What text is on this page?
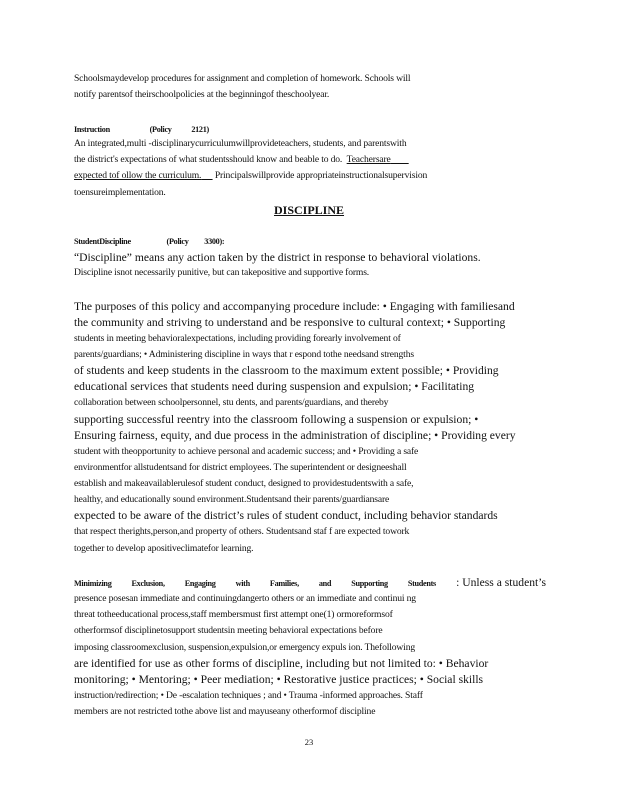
Schoolsmaydevelop procedures for assignment and completion of homework. Schools will
notify parentsof theirschoolpolicies at the beginningof theschoolyear.
Instruction	(Policy 2121)
An integrated,multi -disciplinarycurriculumwillprovideteachers, students, and parentswith
the district's expectations of what studentsshould know and beable to do. Teachersare
expected tof ollow the curriculum. Principalswillprovide appropriateinstructionalsupervision
toensureimplementation.
DISCIPLINE
StudentDiscipline	(Policy 3300):
“Discipline” means any action taken by the district in response to behavioral violations.
Discipline isnot necessarily punitive, but can takepositive and supportive forms.
The purposes of this policy and accompanying procedure include: • Engaging with familiesand
the community and striving to understand and be responsive to cultural context; • Supporting
students in meeting behavioralexpectations, including providing forearly involvement of
parents/guardians; • Administering discipline in ways that r espond tothe needsand strengths
of students and keep students in the classroom to the maximum extent possible; • Providing
educational services that students need during suspension and expulsion; • Facilitating
collaboration between schoolpersonnel, stu dents, and parents/guardians, and thereby
supporting successful reentry into the classroom following a suspension or expulsion; •
Ensuring fairness, equity, and due process in the administration of discipline; • Providing every
student with theopportunity to achieve personal and academic success; and • Providing a safe
environmentfor allstudentsand for district employees. The superintendent or designeeshall
establish and makeavailablerulesof student conduct, designed to providestudentswith a safe,
healthy, and educationally sound environment.Studentsand their parents/guardiansare
expected to be aware of the district’s rules of student conduct, including behavior standards
that respect therights,person,and property of others. Studentsand staf f are expected towork
together to develop apositiveclimatefor learning.
Minimizing Exclusion, Engaging with Families, and Supporting Students : Unless a student’s
presence posesan immediate and continuingdangerto others or an immediate and continui ng
threat totheeducational process,staff membersmust first attempt one(1) ormoreformsof
otherformsof disciplinetosupport studentsin meeting behavioral expectations before
imposing classroomexclusion, suspension,expulsion,or emergency expuls ion. Thefollowing
are identified for use as other forms of discipline, including but not limited to: • Behavior
monitoring; • Mentoring; • Peer mediation; • Restorative justice practices; • Social skills
instruction/redirection; • De -escalation techniques ; and • Trauma -informed approaches. Staff
members are not restricted tothe above list and mayuseany otherformof discipline
23
